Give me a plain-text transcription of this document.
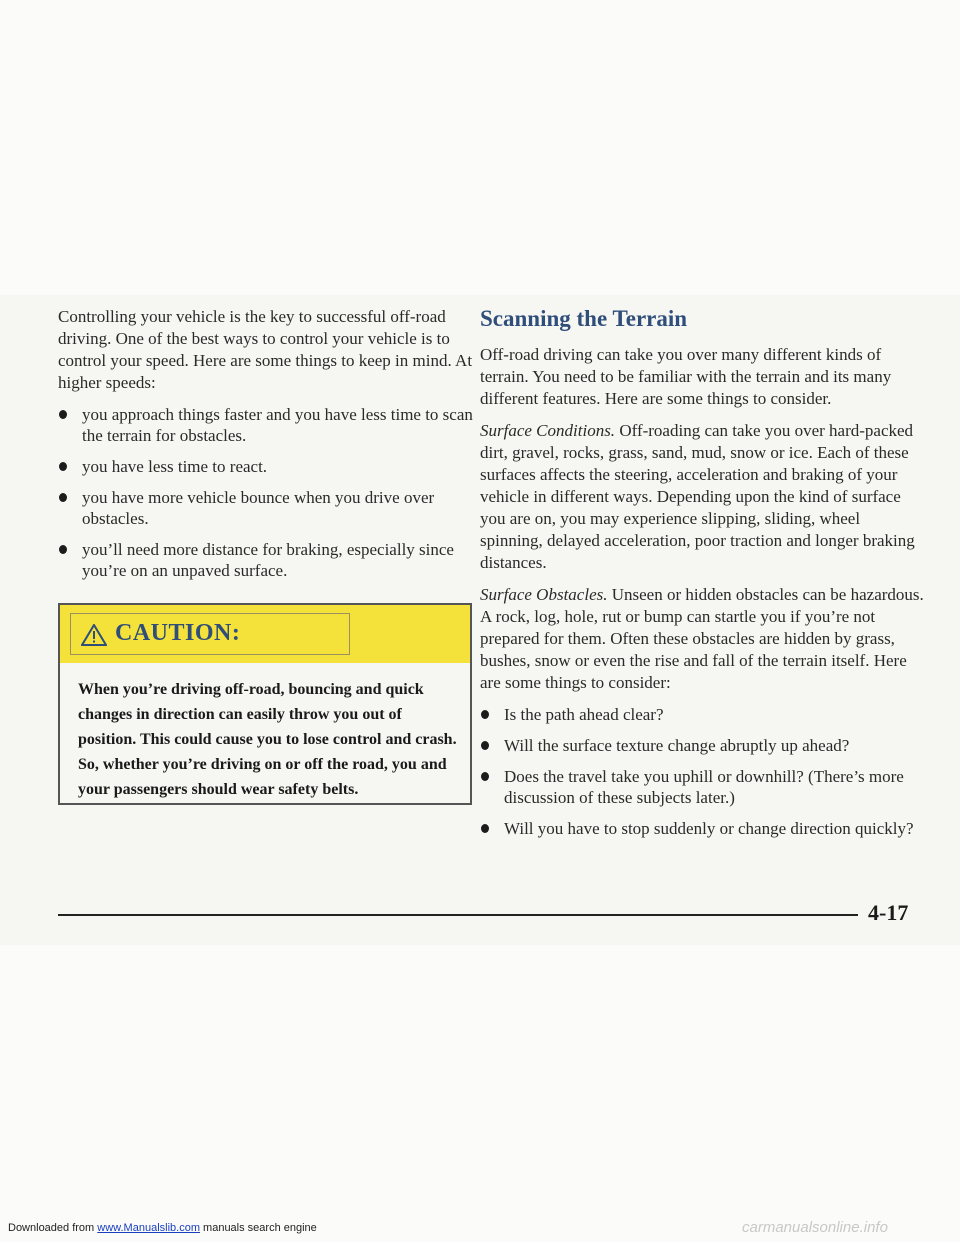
Controlling your vehicle is the key to successful off-road driving. One of the best ways to control your vehicle is to control your speed. Here are some things to keep in mind. At higher speeds:

you approach things faster and you have less time to scan the terrain for obstacles.
you have less time to react.
you have more vehicle bounce when you drive over obstacles.
you’ll need more distance for braking, especially since you’re on an unpaved surface.
CAUTION:
When you’re driving off-road, bouncing and quick changes in direction can easily throw you out of position. This could cause you to lose control and crash. So, whether you’re driving on or off the road, you and your passengers should wear safety belts.
Scanning the Terrain

Off-road driving can take you over many different kinds of terrain. You need to be familiar with the terrain and its many different features. Here are some things to consider.

Surface Conditions. Off-roading can take you over hard-packed dirt, gravel, rocks, grass, sand, mud, snow or ice. Each of these surfaces affects the steering, acceleration and braking of your vehicle in different ways. Depending upon the kind of surface you are on, you may experience slipping, sliding, wheel spinning, delayed acceleration, poor traction and longer braking distances.

Surface Obstacles. Unseen or hidden obstacles can be hazardous. A rock, log, hole, rut or bump can startle you if you’re not prepared for them. Often these obstacles are hidden by grass, bushes, snow or even the rise and fall of the terrain itself. Here are some things to consider:

Is the path ahead clear?
Will the surface texture change abruptly up ahead?
Does the travel take you uphill or downhill? (There’s more discussion of these subjects later.)
Will you have to stop suddenly or change direction quickly?
4-17
Downloaded from www.Manualslib.com manuals search engine	carmanualsonline.info
